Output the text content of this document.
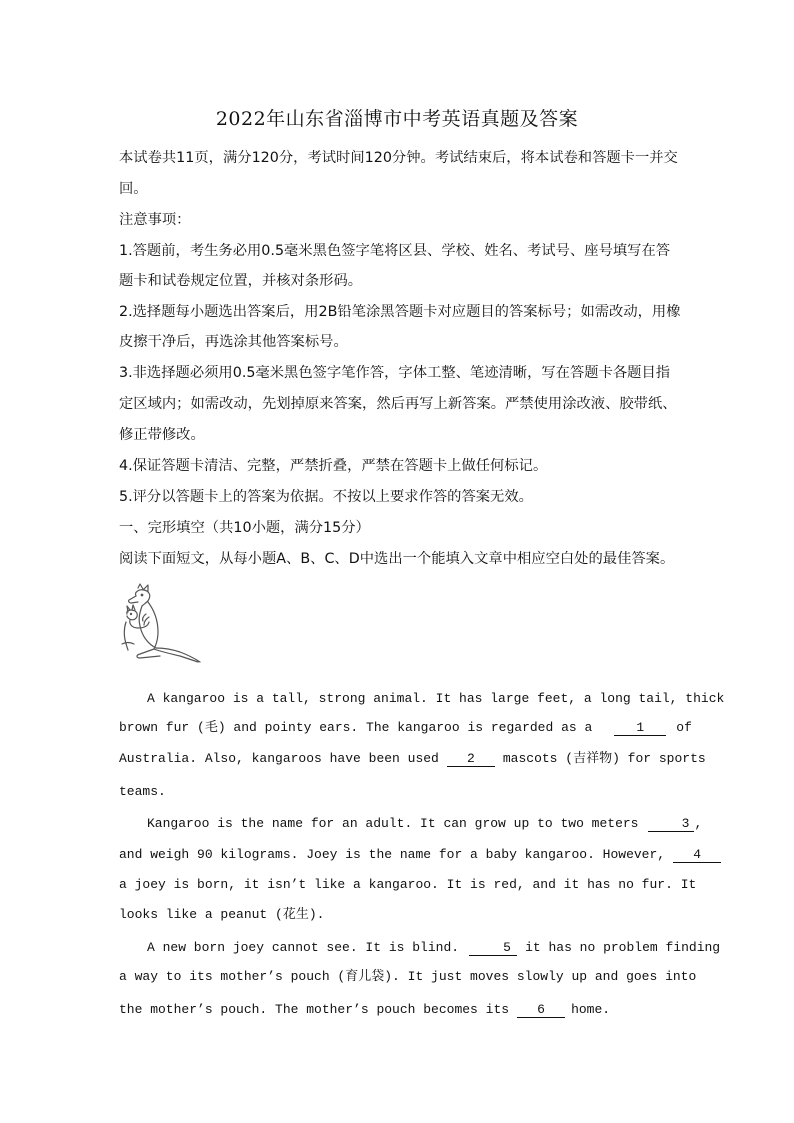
2022年山东省淄博市中考英语真题及答案
本试卷共11页，满分120分，考试时间120分钟。考试结束后，将本试卷和答题卡一并交
回。
注意事项：
1.答题前，考生务必用0.5毫米黑色签字笔将区县、学校、姓名、考试号、座号填写在答
题卡和试卷规定位置，并核对条形码。
2.选择题每小题选出答案后，用2B铅笔涂黑答题卡对应题目的答案标号；如需改动，用橡
皮擦干净后，再选涂其他答案标号。
3.非选择题必须用0.5毫米黑色签字笔作答，字体工整、笔迹清晰，写在答题卡各题目指
定区域内；如需改动，先划掉原来答案，然后再写上新答案。严禁使用涂改液、胶带纸、
修正带修改。
4.保证答题卡清洁、完整，严禁折叠，严禁在答题卡上做任何标记。
5.评分以答题卡上的答案为依据。不按以上要求作答的答案无效。
一、完形填空（共10小题，满分15分）
阅读下面短文，从每小题A、B、C、D中选出一个能填入文章中相应空白处的最佳答案。
A kangaroo is a tall, strong animal. It has large feet, a long tail, thick
brown fur (毛) and pointy ears. The kangaroo is regarded as a	1 of
Australia. Also, kangaroos have been used 2 mascots (吉祥物) for sports
teams.
Kangaroo is the name for an adult. It can grow up to two meters	3 ,
and weigh 90 kilograms. Joey is the name for a baby kangaroo. However, 4
a joey is born, it isn’t like a kangaroo. It is red, and it has no fur. It
looks like a peanut (花生).
A new born joey cannot see. It is blind.	5 it has no problem finding
a way to its mother’s pouch (育儿袋). It just moves slowly up and goes into
the mother’s pouch. The mother’s pouch becomes its 6 home.
